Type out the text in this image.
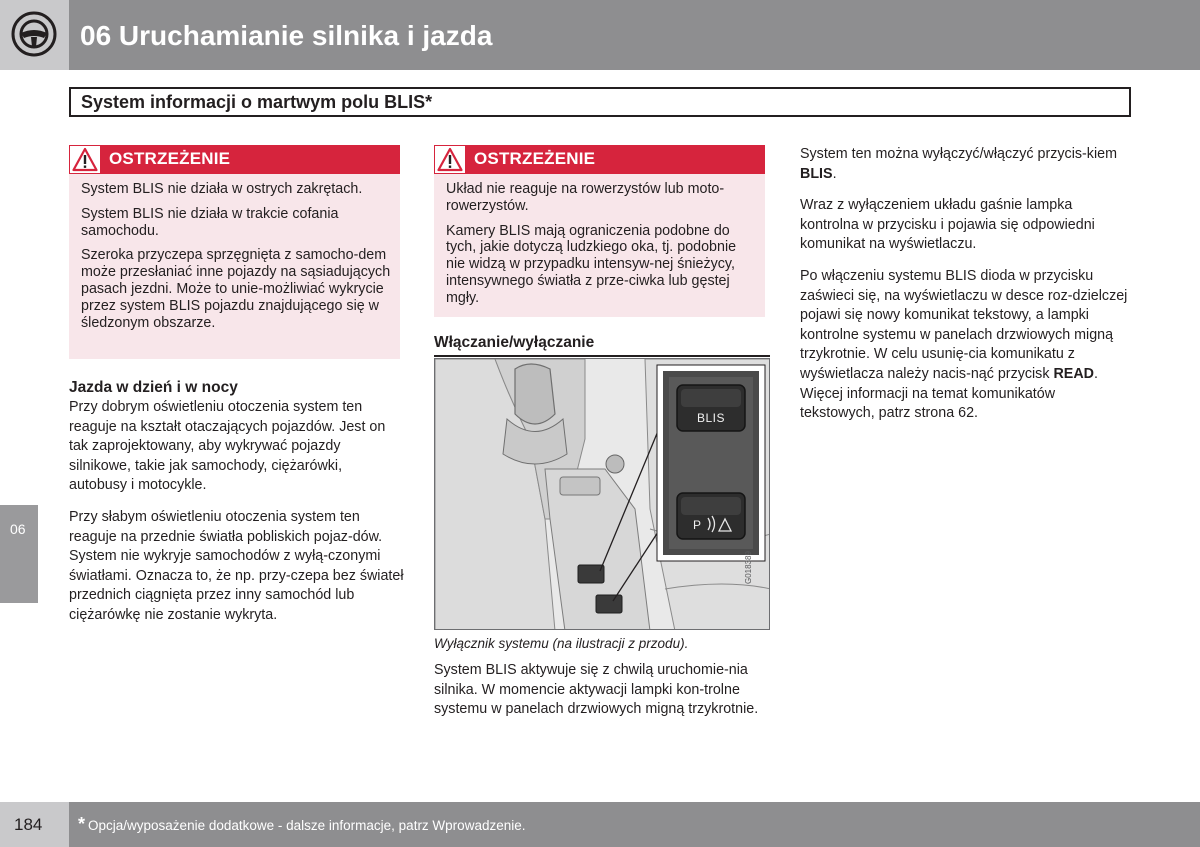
06 Uruchamianie silnika i jazda
System informacji o martwym polu BLIS*
OSTRZEŻENIE

System BLIS nie działa w ostrych zakrętach.

System BLIS nie działa w trakcie cofania samochodu.

Szeroka przyczepa sprzęgnięta z samocho-dem może przesłaniać inne pojazdy na sąsiadujących pasach jezdni. Może to unie-możliwiać wykrycie przez system BLIS pojazdu znajdującego się w śledzonym obszarze.

OSTRZEŻENIE

Układ nie reaguje na rowerzystów lub moto-rowerzystów.

Kamery BLIS mają ograniczenia podobne do tych, jakie dotyczą ludzkiego oka, tj. podobnie nie widzą w przypadku intensyw-nej śnieżycy, intensywnego światła z prze-ciwka lub gęstej mgły.

Jazda w dzień i w nocy

Przy dobrym oświetleniu otoczenia system ten reaguje na kształt otaczających pojazdów. Jest on tak zaprojektowany, aby wykrywać pojazdy silnikowe, takie jak samochody, ciężarówki, autobusy i motocykle.

Przy słabym oświetleniu otoczenia system ten reaguje na przednie światła pobliskich pojaz-dów. System nie wykryje samochodów z wyłą-czonymi światłami. Oznacza to, że np. przy-czepa bez świateł przednich ciągnięta przez inny samochód lub ciężarówkę nie zostanie wykryta.

Włączanie/wyłączanie
BLIS
P
G018389
Wyłącznik systemu (na ilustracji z przodu).

System BLIS aktywuje się z chwilą uruchomie-nia silnika. W momencie aktywacji lampki kon-trolne systemu w panelach drzwiowych migną trzykrotnie.

System ten można wyłączyć/włączyć przycis-kiem BLIS.

Wraz z wyłączeniem układu gaśnie lampka kontrolna w przycisku i pojawia się odpowiedni komunikat na wyświetlaczu.

Po włączeniu systemu BLIS dioda w przycisku zaświeci się, na wyświetlaczu w desce roz-dzielczej pojawi się nowy komunikat tekstowy, a lampki kontrolne systemu w panelach drzwiowych migną trzykrotnie. W celu usunię-cia komunikatu z wyświetlacza należy nacis-nąć przycisk READ. Więcej informacji na temat komunikatów tekstowych, patrz strona 62.

06
184 * Opcja/wyposażenie dodatkowe - dalsze informacje, patrz Wprowadzenie.
